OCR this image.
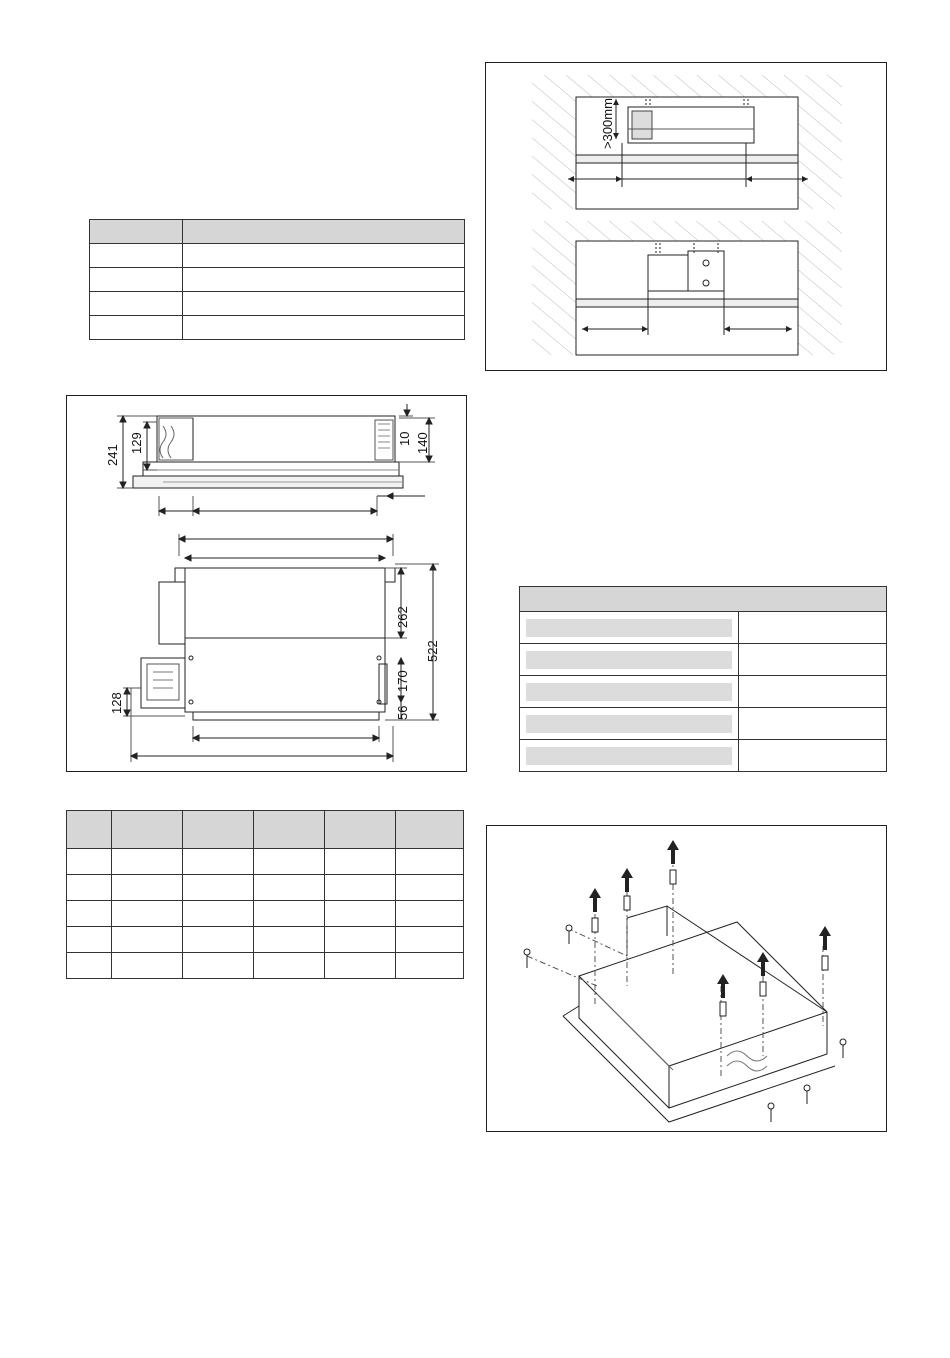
241
129	10 140
262
522
170
56
128

>300mm
